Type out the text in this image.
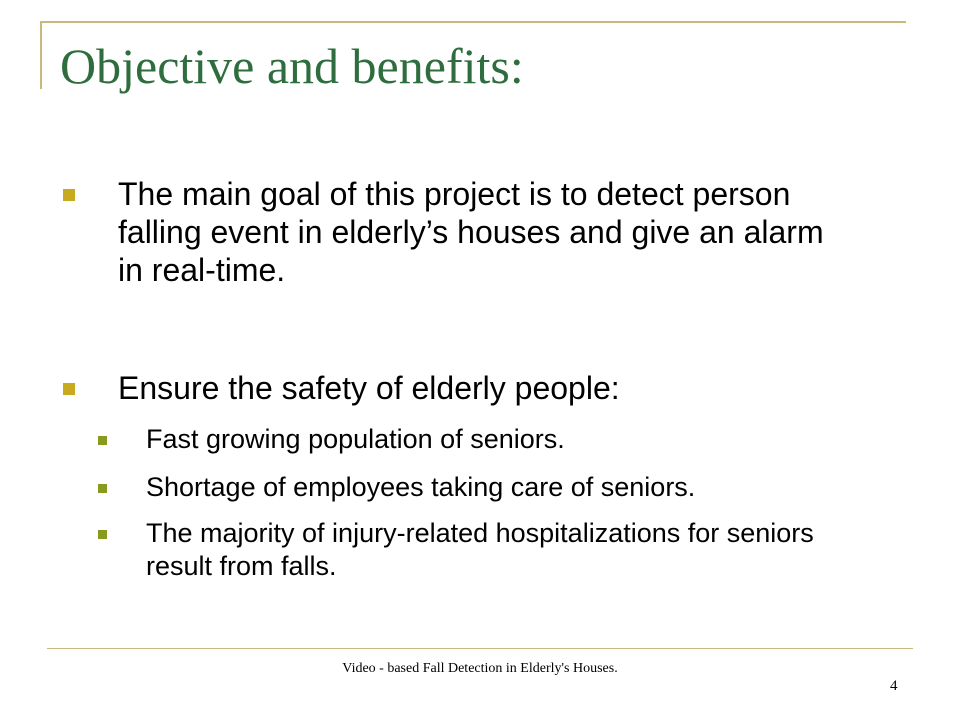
Objective and benefits:
The main goal of this project is to detect person falling event in elderly’s houses and give an alarm in real-time.
Ensure the safety of elderly people:
Fast growing population of seniors.
Shortage of employees taking care of seniors.
The majority of injury-related hospitalizations for seniors result from falls.
Video - based Fall Detection in Elderly's Houses.
4
